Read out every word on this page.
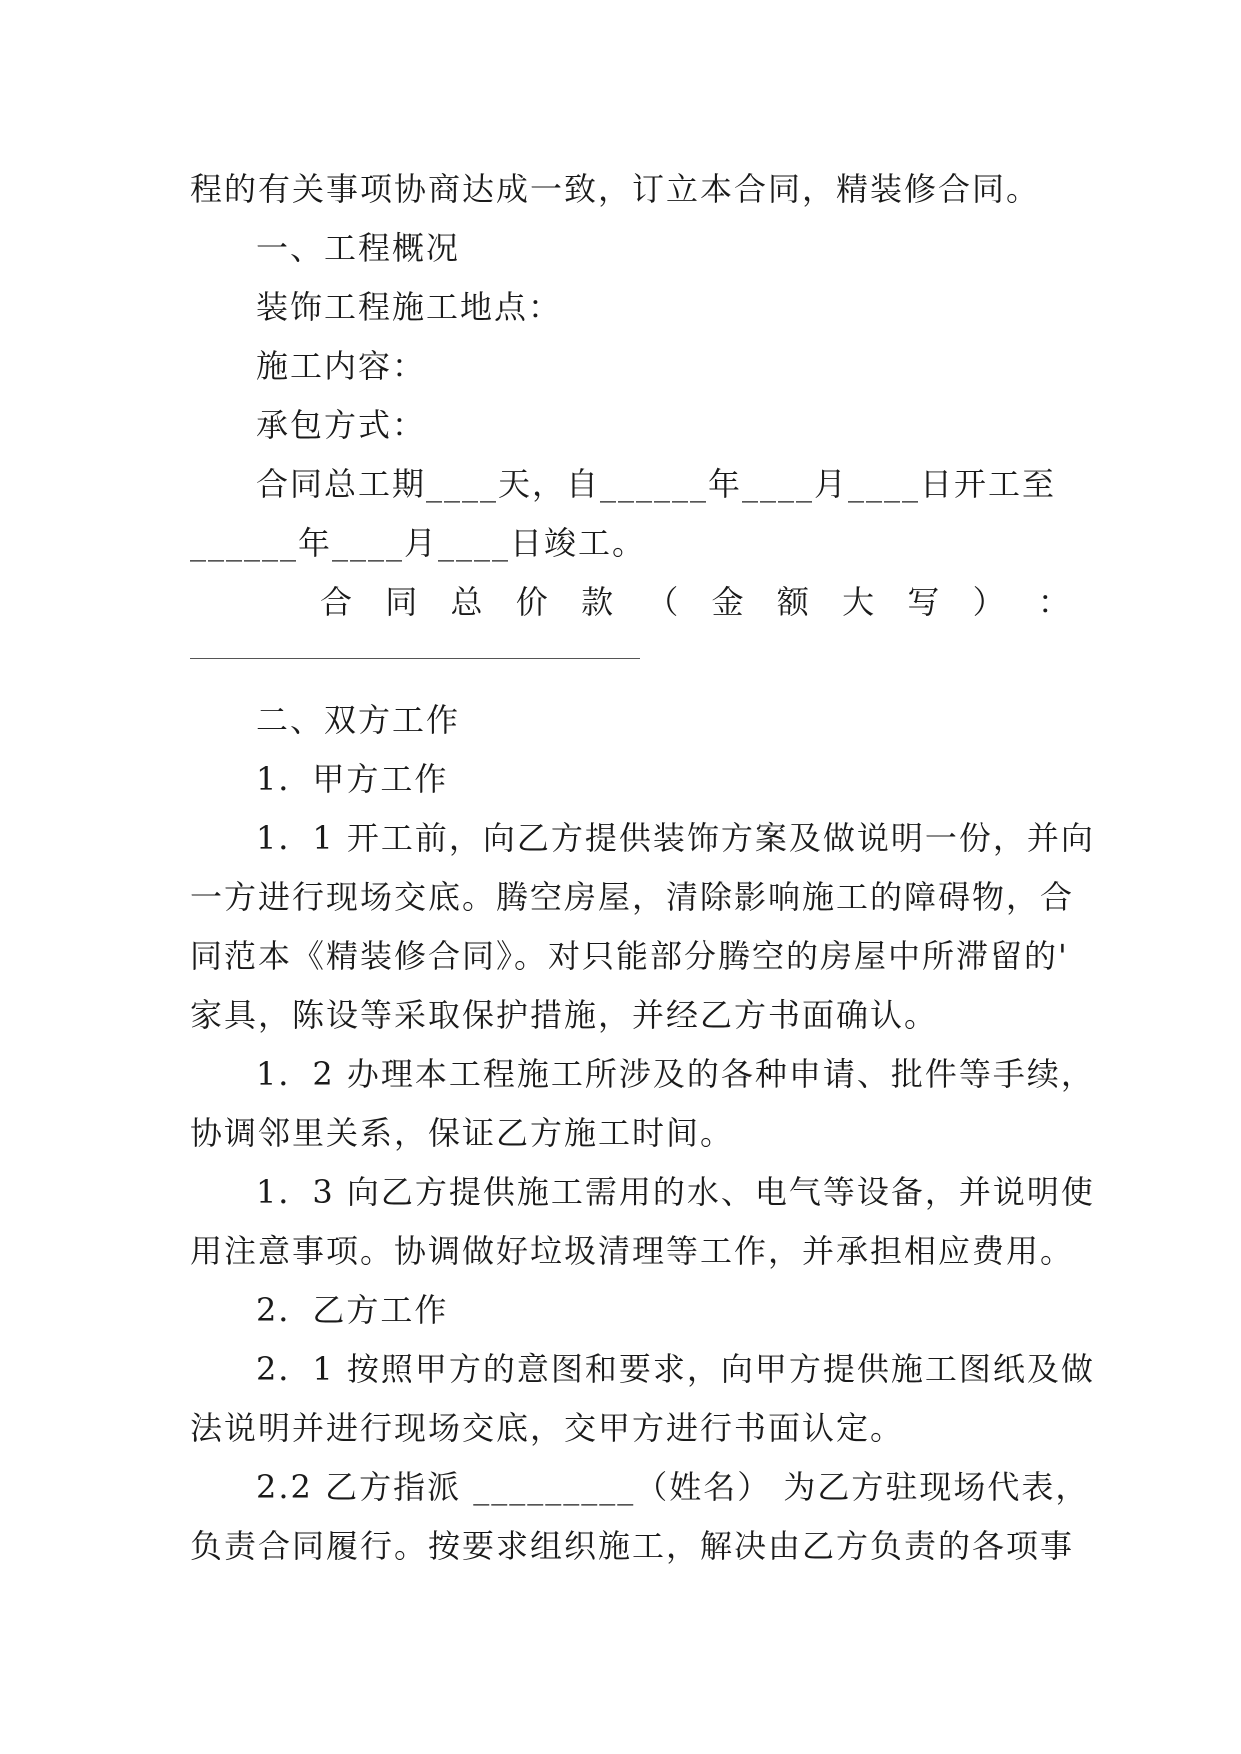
程的有关事项协商达成一致，订立本合同，精装修合同。
一、工程概况
装饰工程施工地点：
施工内容：
承包方式：
合同总工期____天，自______年____月____日开工至
______年____月____日竣工。
合 同 总 价 款 （ 金 额 大 写 ） ：
二、双方工作
1．甲方工作
1．1 开工前，向乙方提供装饰方案及做说明一份，并向
一方进行现场交底。腾空房屋，清除影响施工的障碍物，合
同范本《精装修合同》。对只能部分腾空的房屋中所滞留的'
家具，陈设等采取保护措施，并经乙方书面确认。
1．2 办理本工程施工所涉及的各种申请、批件等手续，
协调邻里关系，保证乙方施工时间。
1．3 向乙方提供施工需用的水、电气等设备，并说明使
用注意事项。协调做好垃圾清理等工作，并承担相应费用。
2．乙方工作
2．1 按照甲方的意图和要求，向甲方提供施工图纸及做
法说明并进行现场交底，交甲方进行书面认定。
2.2 乙方指派 _________（姓名） 为乙方驻现场代表，
负责合同履行。按要求组织施工，解决由乙方负责的各项事
